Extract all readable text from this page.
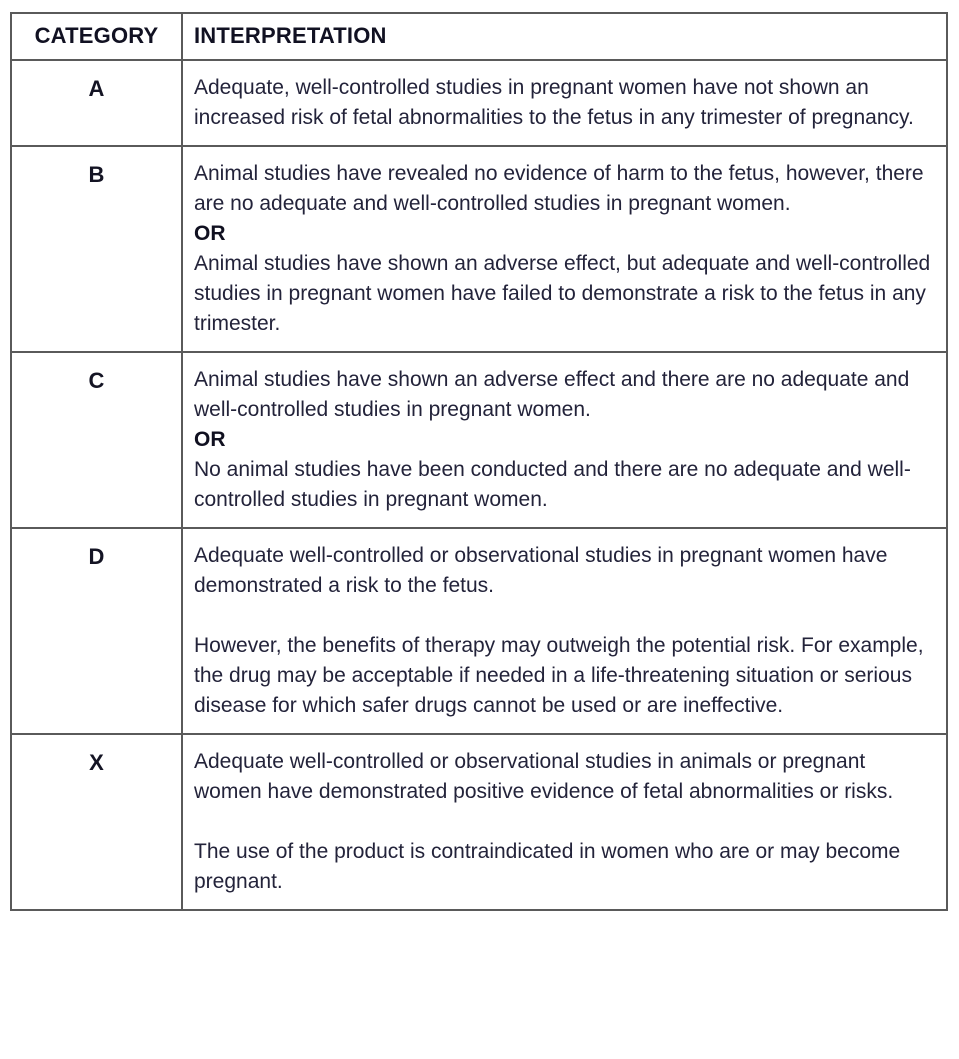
CATEGORY	INTERPRETATION
A	Adequate, well-controlled studies in pregnant women have not shown an increased risk of fetal abnormalities to the fetus in any trimester of pregnancy.

B	Animal studies have revealed no evidence of harm to the fetus, however, there are no adequate and well-controlled studies in pregnant women.

OR

Animal studies have shown an adverse effect, but adequate and well-controlled studies in pregnant women have failed to demonstrate a risk to the fetus in any trimester.

C	Animal studies have shown an adverse effect and there are no adequate and well-controlled studies in pregnant women.

OR

No animal studies have been conducted and there are no adequate and well-controlled studies in pregnant women.

D	Adequate well-controlled or observational studies in pregnant women have demonstrated a risk to the fetus.

However, the benefits of therapy may outweigh the potential risk. For example, the drug may be acceptable if needed in a life-threatening situation or serious disease for which safer drugs cannot be used or are ineffective.

X	Adequate well-controlled or observational studies in animals or pregnant women have demonstrated positive evidence of fetal abnormalities or risks.

The use of the product is contraindicated in women who are or may become pregnant.
